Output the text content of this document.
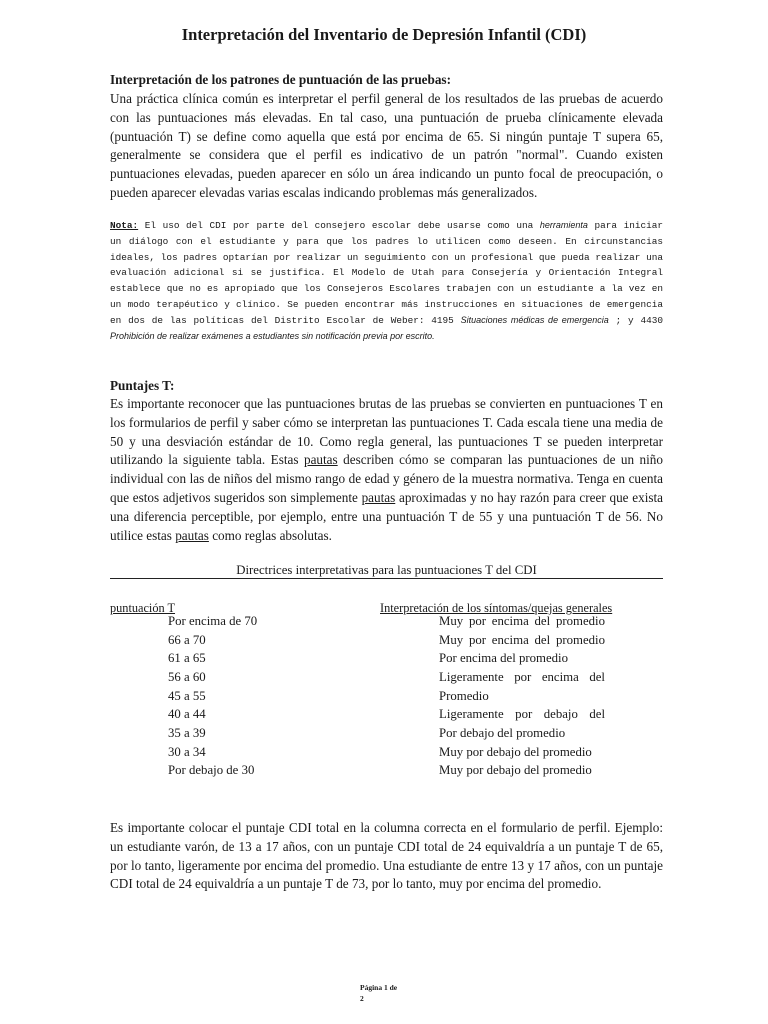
Interpretación del Inventario de Depresión Infantil (CDI)
Interpretación de los patrones de puntuación de las pruebas:

Una práctica clínica común es interpretar el perfil general de los resultados de las pruebas de acuerdo con las puntuaciones más elevadas. En tal caso, una puntuación de prueba clínicamente elevada (puntuación T) se define como aquella que está por encima de 65. Si ningún puntaje T supera 65, generalmente se considera que el perfil es indicativo de un patrón "normal". Cuando existen puntuaciones elevadas, pueden aparecer en sólo un área indicando un punto focal de preocupación, o pueden aparecer elevadas varias escalas indicando problemas más generalizados.

Nota: El uso del CDI por parte del consejero escolar debe usarse como una herramienta para iniciar un diálogo con el estudiante y para que los padres lo utilicen como deseen. En circunstancias ideales, los padres optarían por realizar un seguimiento con un profesional que pueda realizar una evaluación adicional si se justifica. El Modelo de Utah para Consejería y Orientación Integral establece que no es apropiado que los Consejeros Escolares trabajen con un estudiante a la vez en un modo terapéutico y clínico. Se pueden encontrar más instrucciones en situaciones de emergencia en dos de las políticas del Distrito Escolar de Weber: 4195 Situaciones médicas de emergencia ; y 4430 Prohibición de realizar exámenes a estudiantes sin notificación previa por escrito.

Puntajes T:

Es importante reconocer que las puntuaciones brutas de las pruebas se convierten en puntuaciones T en los formularios de perfil y saber cómo se interpretan las puntuaciones T. Cada escala tiene una media de 50 y una desviación estándar de 10. Como regla general, las puntuaciones T se pueden interpretar utilizando la siguiente tabla. Estas pautas describen cómo se comparan las puntuaciones de un niño individual con las de niños del mismo rango de edad y género de la muestra normativa. Tenga en cuenta que estos adjetivos sugeridos son simplemente pautas aproximadas y no hay razón para creer que exista una diferencia perceptible, por ejemplo, entre una puntuación T de 55 y una puntuación T de 56. No utilice estas pautas como reglas absolutas.

Directrices interpretativas para las puntuaciones T del CDI
puntuación T	Interpretación de los síntomas/quejas generales
Por encima de 70	Muy por encima del promedio
66 a 70	Muy por encima del promedio
61 a 65	Por encima del promedio
56 a 60	Ligeramente por encima del
45 a 55	Promedio
40 a 44	Ligeramente por debajo del
35 a 39	Por debajo del promedio
30 a 34	Muy por debajo del promedio
Por debajo de 30	Muy por debajo del promedio

Es importante colocar el puntaje CDI total en la columna correcta en el formulario de perfil. Ejemplo: un estudiante varón, de 13 a 17 años, con un puntaje CDI total de 24 equivaldría a un puntaje T de 65, por lo tanto, ligeramente por encima del promedio. Una estudiante de entre 13 y 17 años, con un puntaje CDI total de 24 equivaldría a un puntaje T de 73, por lo tanto, muy por encima del promedio.

Página 1 de
2
